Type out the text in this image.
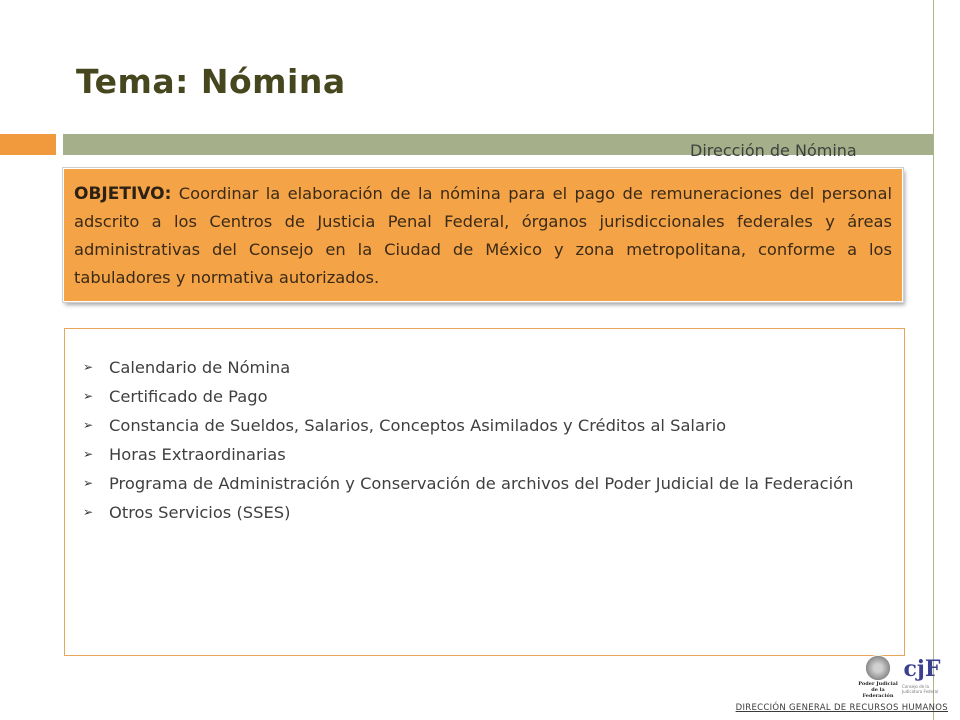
Tema: Nómina
Dirección de Nómina
OBJETIVO: Coordinar la elaboración de la nómina para el pago de remuneraciones del personal adscrito a los Centros de Justicia Penal Federal, órganos jurisdiccionales federales y áreas administrativas del Consejo en la Ciudad de México y zona metropolitana, conforme a los tabuladores y normativa autorizados.
➢ Calendario de Nómina
➢ Certificado de Pago
➢ Constancia de Sueldos, Salarios, Conceptos Asimilados y Créditos al Salario
➢ Horas Extraordinarias
➢ Programa de Administración y Conservación de archivos del Poder Judicial de la Federación
➢ Otros Servicios (SSES)
Poder Judicial de la Federación
cjF
Consejo de la Judicatura Federal
DIRECCIÓN GENERAL DE RECURSOS HUMANOS
